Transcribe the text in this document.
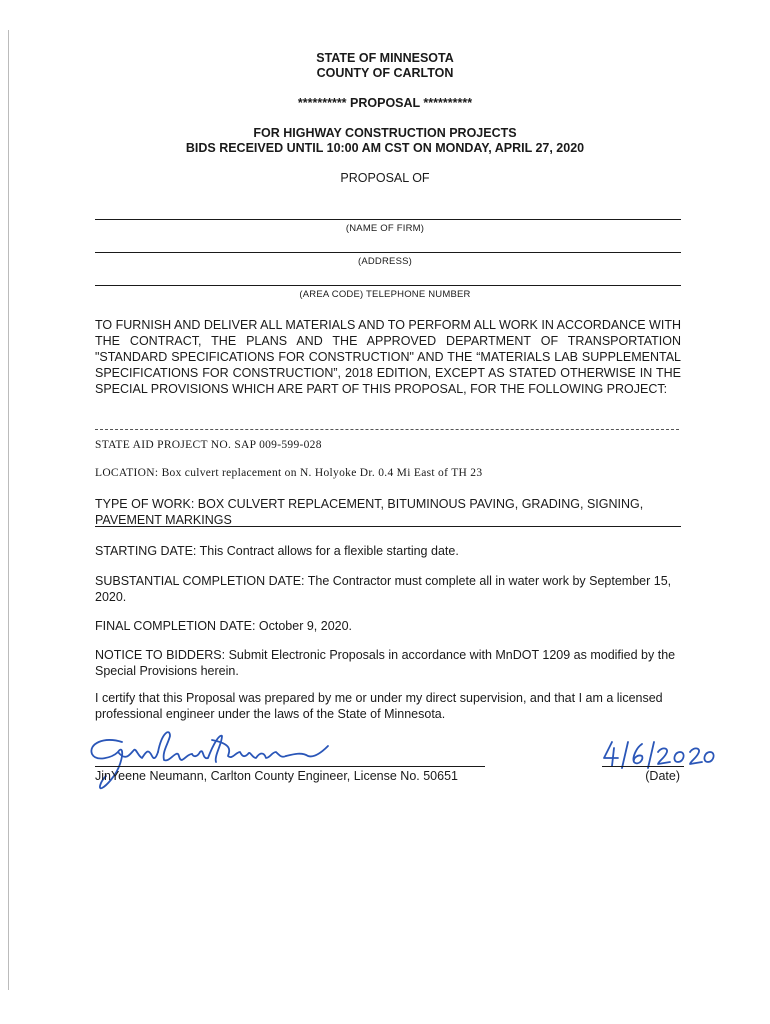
STATE OF MINNESOTA
COUNTY OF CARLTON
********** PROPOSAL **********
FOR HIGHWAY CONSTRUCTION PROJECTS
BIDS RECEIVED UNTIL 10:00 AM CST ON MONDAY, APRIL 27, 2020
PROPOSAL OF
(NAME OF FIRM)
(ADDRESS)
(AREA CODE) TELEPHONE NUMBER
TO FURNISH AND DELIVER ALL MATERIALS AND TO PERFORM ALL WORK IN ACCORDANCE WITH THE CONTRACT, THE PLANS AND THE APPROVED DEPARTMENT OF TRANSPORTATION "STANDARD SPECIFICATIONS FOR CONSTRUCTION" AND THE “MATERIALS LAB SUPPLEMENTAL SPECIFICATIONS FOR CONSTRUCTION”, 2018 EDITION, EXCEPT AS STATED OTHERWISE IN THE SPECIAL PROVISIONS WHICH ARE PART OF THIS PROPOSAL, FOR THE FOLLOWING PROJECT:
STATE AID PROJECT NO. SAP 009-599-028
LOCATION: Box culvert replacement on N. Holyoke Dr. 0.4 Mi East of TH 23
TYPE OF WORK: BOX CULVERT REPLACEMENT, BITUMINOUS PAVING, GRADING, SIGNING, PAVEMENT MARKINGS
STARTING DATE: This Contract allows for a flexible starting date.
SUBSTANTIAL COMPLETION DATE: The Contractor must complete all in water work by September 15, 2020.
FINAL COMPLETION DATE: October 9, 2020.
NOTICE TO BIDDERS: Submit Electronic Proposals in accordance with MnDOT 1209 as modified by the Special Provisions herein.
I certify that this Proposal was prepared by me or under my direct supervision, and that I am a licensed professional engineer under the laws of the State of Minnesota.
JinYeene Neumann, Carlton County Engineer, License No. 50651	(Date)
